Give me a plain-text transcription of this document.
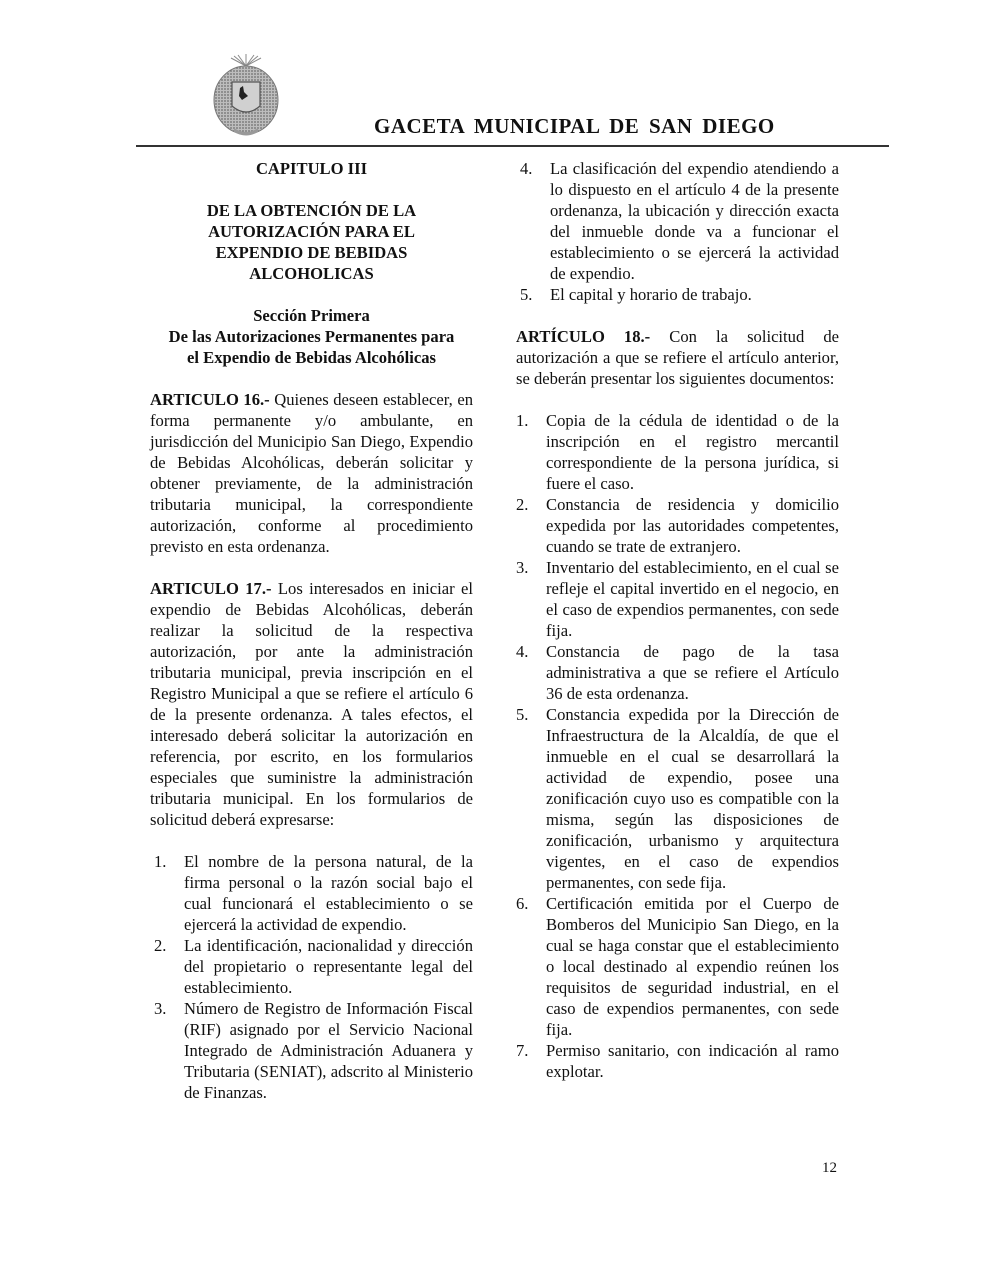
GACETA MUNICIPAL DE SAN DIEGO
CAPITULO III
DE LA OBTENCIÓN DE LA
AUTORIZACIÓN PARA EL
EXPENDIO DE BEBIDAS
ALCOHOLICAS
Sección Primera
De las Autorizaciones Permanentes para
el Expendio de Bebidas Alcohólicas

ARTICULO 16.- Quienes deseen establecer, en forma permanente y/o ambulante, en jurisdicción del Municipio San Diego, Expendio de Bebidas Alcohólicas, deberán solicitar y obtener previamente, de la administración tributaria municipal, la correspondiente autorización, conforme al procedimiento previsto en esta ordenanza.

ARTICULO 17.- Los interesados en iniciar el expendio de Bebidas Alcohólicas, deberán realizar la solicitud de la respectiva autorización, por ante la administración tributaria municipal, previa inscripción en el Registro Municipal a que se refiere el artículo 6 de la presente ordenanza. A tales efectos, el interesado deberá solicitar la autorización en referencia, por escrito, en los formularios especiales que suministre la administración tributaria municipal. En los formularios de solicitud deberá expresarse:

1. El nombre de la persona natural, de la firma personal o la razón social bajo el cual funcionará el establecimiento o se ejercerá la actividad de expendio.
2. La identificación, nacionalidad y dirección del propietario o representante legal del establecimiento.
3. Número de Registro de Información Fiscal (RIF) asignado por el Servicio Nacional Integrado de Administración Aduanera y Tributaria (SENIAT), adscrito al Ministerio de Finanzas.
4. La clasificación del expendio atendiendo a lo dispuesto en el artículo 4 de la presente ordenanza, la ubicación y dirección exacta del inmueble donde va a funcionar el establecimiento o se ejercerá la actividad de expendio.
5. El capital y horario de trabajo.

ARTÍCULO 18.- Con la solicitud de autorización a que se refiere el artículo anterior, se deberán presentar los siguientes documentos:

1. Copia de la cédula de identidad o de la inscripción en el registro mercantil correspondiente de la persona jurídica, si fuere el caso.
2. Constancia de residencia y domicilio expedida por las autoridades competentes, cuando se trate de extranjero.
3. Inventario del establecimiento, en el cual se refleje el capital invertido en el negocio, en el caso de expendios permanentes, con sede fija.
4. Constancia de pago de la tasa administrativa a que se refiere el Artículo 36 de esta ordenanza.
5. Constancia expedida por la Dirección de Infraestructura de la Alcaldía, de que el inmueble en el cual se desarrollará la actividad de expendio, posee una zonificación cuyo uso es compatible con la misma, según las disposiciones de zonificación, urbanismo y arquitectura vigentes, en el caso de expendios permanentes, con sede fija.
6. Certificación emitida por el Cuerpo de Bomberos del Municipio San Diego, en la cual se haga constar que el establecimiento o local destinado al expendio reúnen los requisitos de seguridad industrial, en el caso de expendios permanentes, con sede fija.
7. Permiso sanitario, con indicación al ramo explotar.
12
